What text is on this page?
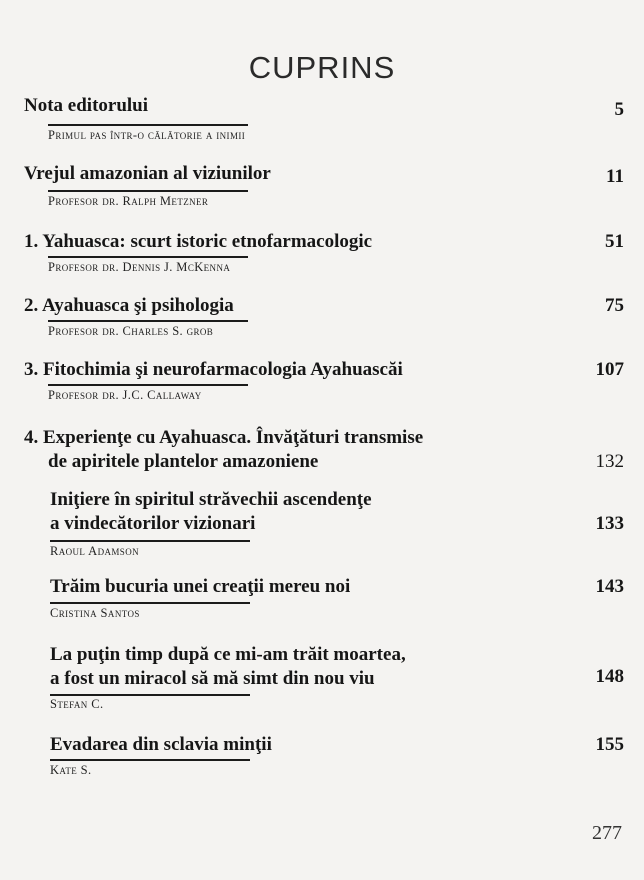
CUPRINS
Nota editorului	5
Primul pas într-o călătorie a inimii
Vrejul amazonian al viziunilor	11
Profesor dr. Ralph Metzner
1. Yahuasca: scurt istoric etnofarmacologic	51
Profesor dr. Dennis J. McKenna
2. Ayahuasca şi psihologia	75
Profesor dr. Charles S. grob
3. Fitochimia şi neurofarmacologia Ayahuascăi	107
Profesor dr. J.C. Callaway
4. Experienţe cu Ayahuasca. Învăţături transmise
de apiritele plantelor amazoniene	132
Iniţiere în spiritul străvechii ascendenţe
a vindecătorilor vizionari	133
Raoul Adamson
Trăim bucuria unei creaţii mereu noi	143
Cristina Santos
La puţin timp după ce mi-am trăit moartea,
a fost un miracol să mă simt din nou viu	148
Stefan C.
Evadarea din sclavia minţii	155
Kate S.
277
